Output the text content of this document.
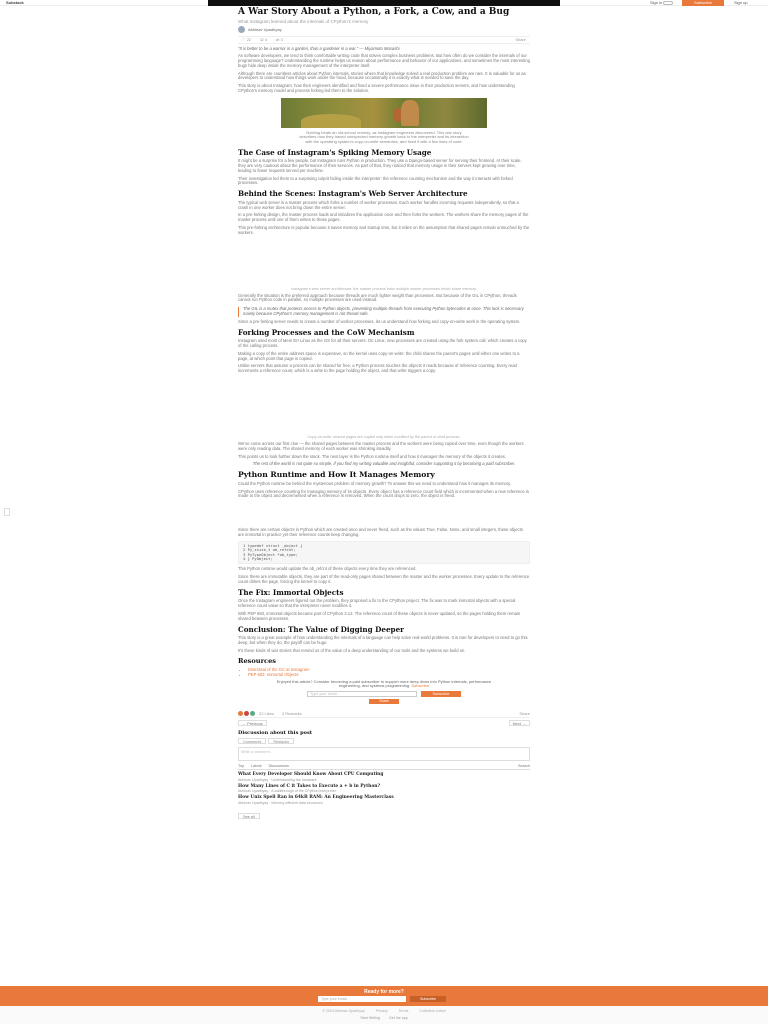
Substack	Sign in	Subscribe	Sign up
A War Story About a Python, a Fork, a Cow, and a Bug
What Instagram learned about the internals of CPython's memory
Abhinav Upadhyay
♡ 22 ⬭ 4 ⇄ 3	Share
"It is better to be a warrior in a garden, than a gardener in a war." — Miyamoto Musashi
As software developers, we tend to think comfortable writing code that solves complex business problems. But how often do we consider the internals of our programming language? Understanding the runtime helps us reason about performance and behavior of our applications, and sometimes the most interesting bugs hide deep inside the memory management of the interpreter itself.
Although there are countless articles about Python internals, stories where that knowledge solved a real production problem are rare. It is valuable for us as developers to understand how things work under the hood, because occasionally it is exactly what is needed to save the day.
This story is about Instagram: how their engineers identified and fixed a severe performance issue in their production servers, and how understanding CPython's memory model and process forking led them to the solution.
Nothing beats an old-school remedy, as Instagram engineers discovered. This war story describes how they traced unexpected memory growth back to the interpreter and its interaction with the operating system's copy-on-write semantics, and fixed it with a few lines of code.
The Case of Instagram's Spiking Memory Usage
It might be a surprise for a few people, but Instagram runs Python in production. They use a Django-based server for serving their frontend. At their scale, they are very cautious about the performance of their services. As part of that, they noticed that memory usage in their servers kept growing over time, leading to fewer requests served per machine.
Their investigation led them to a surprising culprit hiding inside the interpreter: the reference counting mechanism and the way it interacts with forked processes.
Behind the Scenes: Instagram's Web Server Architecture
The typical web server is a master process which forks a number of worker processes. Each worker handles incoming requests independently, so that a crash in one worker does not bring down the entire server.
In a pre-forking design, the master process loads and initializes the application once and then forks the workers. The workers share the memory pages of the master process until one of them writes to those pages.
This pre-forking architecture is popular because it saves memory and startup time, but it relies on the assumption that shared pages remain untouched by the workers.
Instagram's web server architecture: the master process forks multiple worker processes which share memory.
Generally the situation is the preferred approach because threads are much lighter weight than processes. But because of the GIL in CPython, threads cannot run Python code in parallel, so multiple processes are used instead.
The GIL is a mutex that protects access to Python objects, preventing multiple threads from executing Python bytecodes at once. This lock is necessary mainly because CPython's memory management is not thread-safe.
Since a pre-forking server needs to create a number of worker processes, let us understand how forking and copy-on-write work in the operating system.
Forking Processes and the CoW Mechanism
Instagram used most of Mem Err Linux as the OS for all their servers. On Linux, new processes are created using the fork system call, which creates a copy of the calling process.
Making a copy of the entire address space is expensive, so the kernel uses copy-on-write: the child shares the parent's pages until either one writes to a page, at which point that page is copied.
Unlike servers that assume a process can be shared for free, a Python process touches the objects it reads because of reference counting. Every read increments a reference count, which is a write to the page holding the object, and that write triggers a copy.
Copy-on-write: shared pages are copied only when modified by the parent or child process.
We've come across our first clue — the shared pages between the master process and the workers were being copied over time, even though the workers were only reading data. The shared memory of each worker was shrinking steadily.
This points us to look further down the stack. The next layer is the Python runtime itself and how it manages the memory of the objects it creates.
The rest of the world is not quite so simple, if you find my writing valuable and insightful, consider supporting it by becoming a paid subscriber.
Python Runtime and How It Manages Memory
Could the Python runtime be behind the mysterious problem of memory growth? To answer this we need to understand how it manages its memory.
CPython uses reference counting for managing memory of its objects. Every object has a reference count field which is incremented when a new reference is made to the object and decremented when a reference is removed. When the count drops to zero, the object is freed.
Since there are certain objects in Python which are created once and never freed, such as the values True, False, None, and small integers, these objects are immortal in practice yet their reference counts keep changing.
1 typedef struct _object {
2 Py_ssize_t ob_refcnt;
3 PyTypeObject *ob_type;
4 } PyObject;
This Python runtime would update the ob_refcnt of these objects every time they are referenced.
Since these are immutable objects, they are part of the read-only pages shared between the master and the worker processes. Every update to the reference count dirties the page, forcing the kernel to copy it.
The Fix: Immortal Objects
Once the Instagram engineers figured out the problem, they proposed a fix to the CPython project. The fix was to mark immortal objects with a special reference count value so that the interpreter never modifies it.
With PEP 683, immortal objects became part of CPython 3.12. The reference count of these objects is never updated, so the pages holding them remain shared between processes.
Conclusion: The Value of Digging Deeper
This story is a great example of how understanding the internals of a language can help solve real-world problems. It is rare for developers to need to go this deep, but when they do, the payoff can be huge.
It's these kinds of war stories that remind us of the value of a deep understanding of our tools and the systems we build on.
Resources
• Dismissal of the GC at Instagram
• PEP 683: Immortal Objects
Enjoyed this article? Consider becoming a paid subscriber to support more deep dives into Python internals, performance engineering, and systems programming. Subscribe
Type your email...	Subscribe
Share
22 Likes 3 Restacks	Share
← Previous	Next →
Discussion about this post
Comments	Restacks
Write a comment...
Top Latest Discussions	Search
What Every Developer Should Know About CPU Computing
Abhinav Upadhyay · Understanding the hardware
How Many Lines of C it Takes to Execute a + b in Python?
Abhinav Upadhyay · A walkthrough of the CPython interpreter
How Unix Spell Ran in 64kB RAM: An Engineering Masterclass
Abhinav Upadhyay · Memory-efficient data structures
See all
Ready for more?
Type your email...	Subscribe
© 2024 Abhinav Upadhyay	Privacy	Terms	Collection notice
Start Writing	Get the app
